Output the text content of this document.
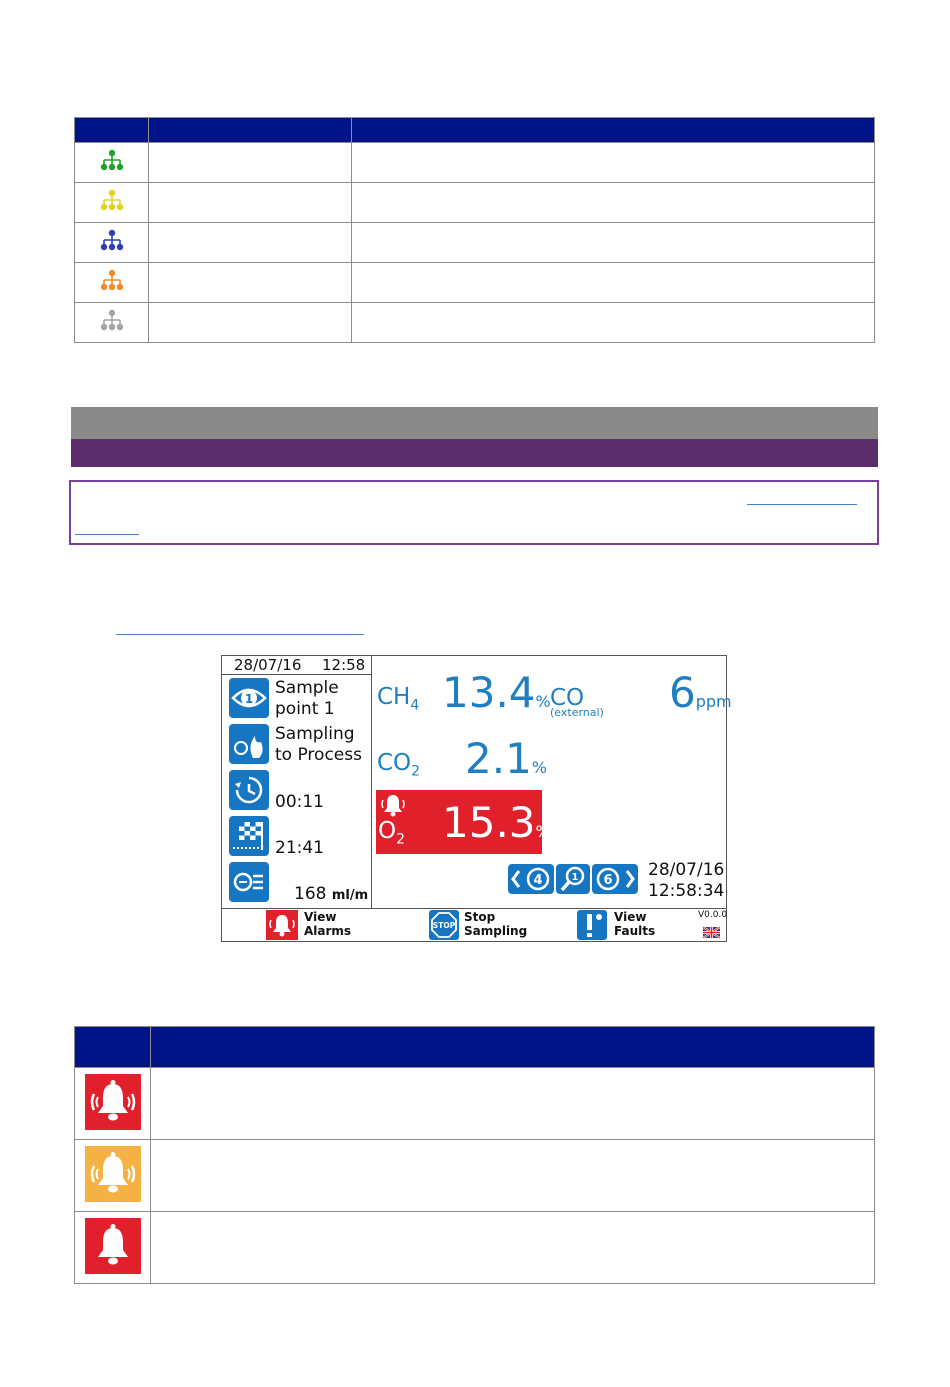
28/07/16 12:58
1
Sample
point 1
Sampling
to Process
00:11
21:41
168 ml/m
$CH_4$ 13.4% CO
(external) 6ppm
$CO_2$ 2.1%
$O_2$ 15.3%
4	1 6
28/07/16
12:58:34
View
Alarms	STOP
Stop
Sampling
View
Faults
V0.0.0
